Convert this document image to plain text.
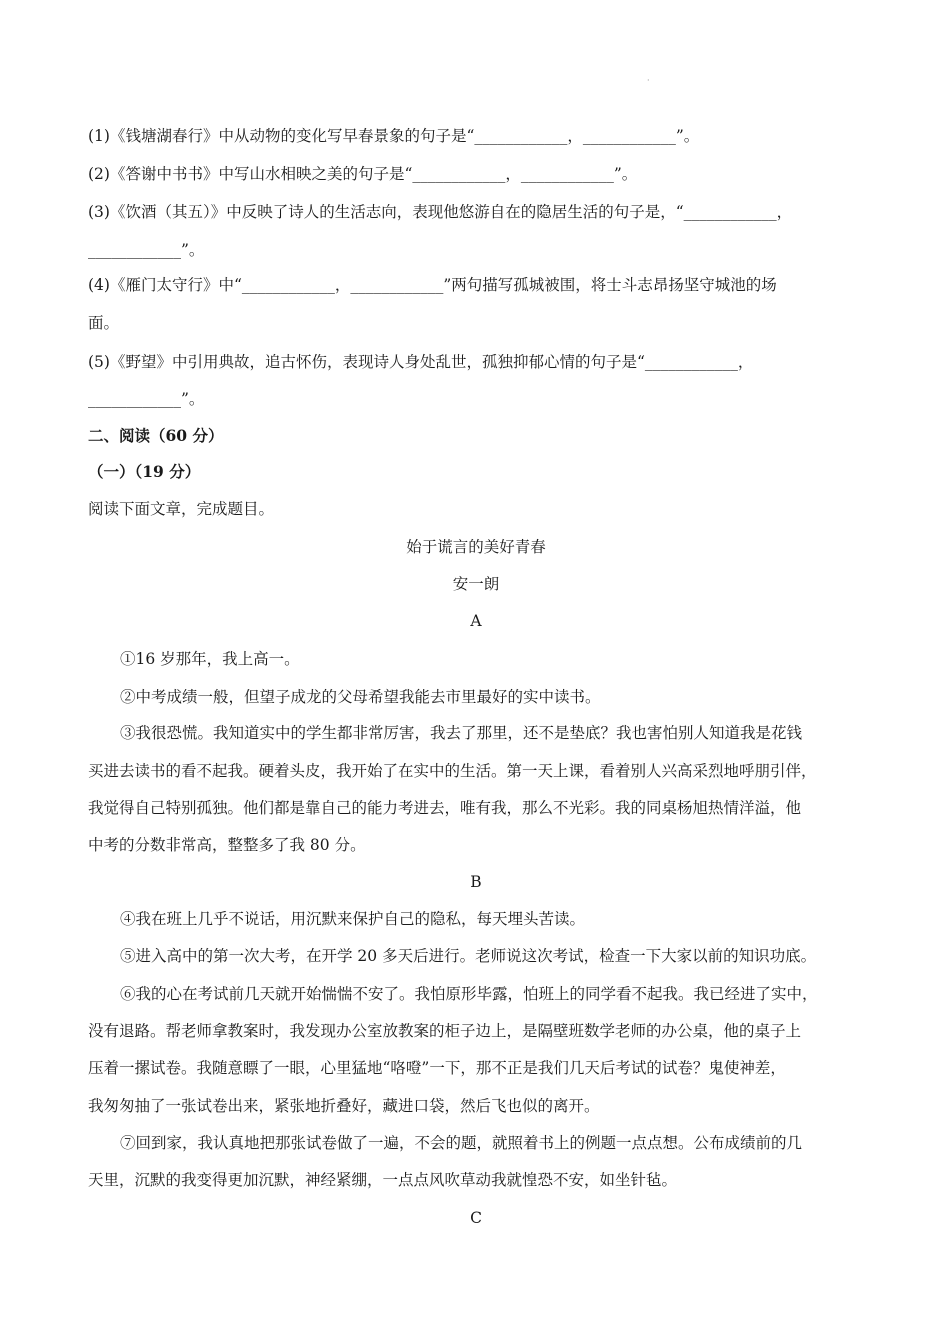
·
(1)《钱塘湖春行》中从动物的变化写早春景象的句子是“____________，____________”。
(2)《答谢中书书》中写山水相映之美的句子是“____________，____________”。
(3)《饮酒（其五）》中反映了诗人的生活志向，表现他悠游自在的隐居生活的句子是，“____________，
____________”。
(4)《雁门太守行》中“____________，____________”两句描写孤城被围，将士斗志昂扬坚守城池的场
面。
(5)《野望》中引用典故，追古怀伤，表现诗人身处乱世，孤独抑郁心情的句子是“____________，
____________”。
二、阅读（60 分）
（一）（19 分）
阅读下面文章，完成题目。
始于谎言的美好青春
安一朗
A
①16 岁那年，我上高一。
②中考成绩一般，但望子成龙的父母希望我能去市里最好的实中读书。
③我很恐慌。我知道实中的学生都非常厉害，我去了那里，还不是垫底？我也害怕别人知道我是花钱
买进去读书的看不起我。硬着头皮，我开始了在实中的生活。第一天上课，看着别人兴高采烈地呼朋引伴，
我觉得自己特别孤独。他们都是靠自己的能力考进去，唯有我，那么不光彩。我的同桌杨旭热情洋溢，他
中考的分数非常高，整整多了我 80 分。
B
④我在班上几乎不说话，用沉默来保护自己的隐私，每天埋头苦读。
⑤进入高中的第一次大考，在开学 20 多天后进行。老师说这次考试，检查一下大家以前的知识功底。
⑥我的心在考试前几天就开始惴惴不安了。我怕原形毕露，怕班上的同学看不起我。我已经进了实中，
没有退路。帮老师拿教案时，我发现办公室放教案的柜子边上，是隔壁班数学老师的办公桌，他的桌子上
压着一摞试卷。我随意瞟了一眼，心里猛地“咯噔”一下，那不正是我们几天后考试的试卷？鬼使神差，
我匆匆抽了一张试卷出来，紧张地折叠好，藏进口袋，然后飞也似的离开。
⑦回到家，我认真地把那张试卷做了一遍，不会的题，就照着书上的例题一点点想。公布成绩前的几
天里，沉默的我变得更加沉默，神经紧绷，一点点风吹草动我就惶恐不安，如坐针毡。
C
